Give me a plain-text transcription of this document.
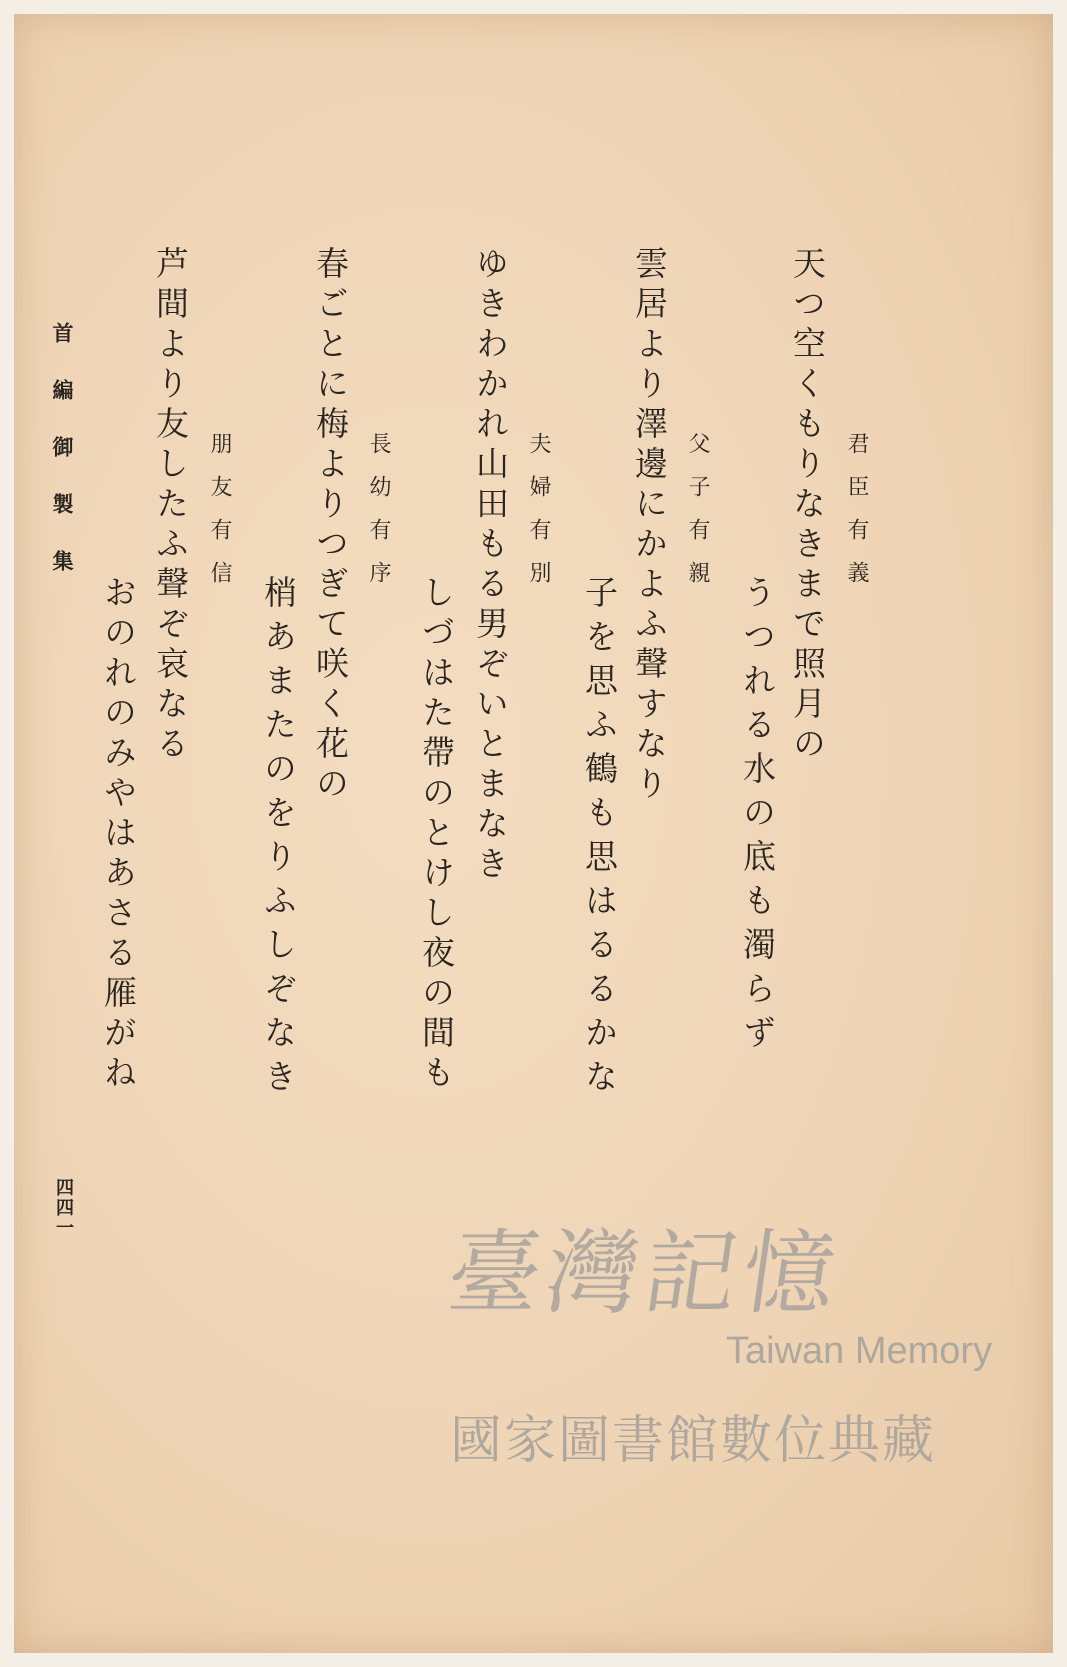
君臣有義
天つ空くもりなきまで照月の
うつれる水の底も濁らず
父子有親
雲居より澤邊にかよふ聲すなり
子を思ふ鶴も思はるるかな
夫婦有別
ゆきわかれ山田もる男ぞいとまなき
しづはた帶のとけし夜の間も
長幼有序
春ごとに梅よりつぎて咲く花の
梢あまたのをりふしぞなき
朋友有信
芦間より友したふ聲ぞ哀なる
おのれのみやはあさる雁がね
首編御製集
四四一
臺灣記憶
Taiwan Memory
國家圖書館數位典藏
